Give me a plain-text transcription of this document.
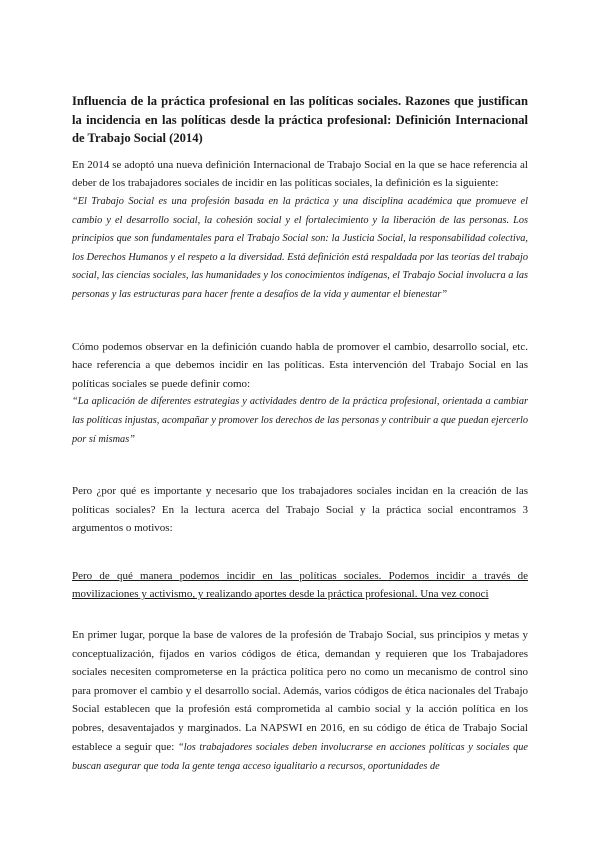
Influencia de la práctica profesional en las políticas sociales. Razones que justifican la incidencia en las políticas desde la práctica profesional: Definición Internacional de Trabajo Social (2014)

En 2014 se adoptó una nueva definición Internacional de Trabajo Social en la que se hace referencia al deber de los trabajadores sociales de incidir en las políticas sociales, la definición es la siguiente:

“El Trabajo Social es una profesión basada en la práctica y una disciplina académica que promueve el cambio y el desarrollo social, la cohesión social y el fortalecimiento y la liberación de las personas. Los principios que son fundamentales para el Trabajo Social son: la Justicia Social, la responsabilidad colectiva, los Derechos Humanos y el respeto a la diversidad. Está definición está respaldada por las teorías del trabajo social, las ciencias sociales, las humanidades y los conocimientos indígenas, el Trabajo Social involucra a las personas y las estructuras para hacer frente a desafíos de la vida y aumentar el bienestar”

Cómo podemos observar en la definición cuando habla de promover el cambio, desarrollo social, etc. hace referencia a que debemos incidir en las políticas. Esta intervención del Trabajo Social en las políticas sociales se puede definir como:

“La aplicación de diferentes estrategias y actividades dentro de la práctica profesional, orientada a cambiar las políticas injustas, acompañar y promover los derechos de las personas y contribuir a que puedan ejercerlo por sí mismas”

Pero ¿por qué es importante y necesario que los trabajadores sociales incidan en la creación de las políticas sociales? En la lectura acerca del Trabajo Social y la práctica social encontramos 3 argumentos o motivos:

Pero de qué manera podemos incidir en las políticas sociales. Podemos incidir a través de movilizaciones y activismo, y realizando aportes desde la práctica profesional. Una vez conoci

En primer lugar, porque la base de valores de la profesión de Trabajo Social, sus principios y metas y conceptualización, fijados en varios códigos de ética, demandan y requieren que los Trabajadores sociales necesiten comprometerse en la práctica política pero no como un mecanismo de control sino para promover el cambio y el desarrollo social. Además, varios códigos de ética nacionales del Trabajo Social establecen que la profesión está comprometida al cambio social y la acción política en los pobres, desaventajados y marginados. La NAPSWI en 2016, en su código de ética de Trabajo Social establece a seguir que: “los trabajadores sociales deben involucrarse en acciones políticas y sociales que buscan asegurar que toda la gente tenga acceso igualitario a recursos, oportunidades de
